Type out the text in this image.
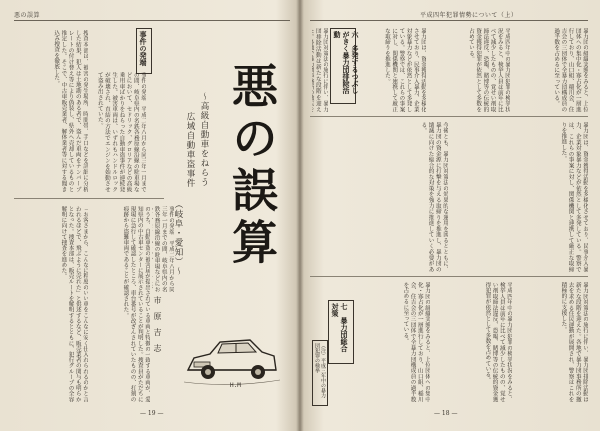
悪の誤算	平成四年犯罪情勢について（上）
事件の発端
事件の発端　平成二年八月から同三年一月までの間、岐阜県内の名鉄各務原線沿線の駐車場などにおいて、セドリック、グロリアなどの高級乗用車ばかりをねらった自動車盗事件が連続発生した。被害車両は、いずれもハンドルロックが破壊され、直結の方法でエンジンを始動させて盗み出されていた。
捜査本部は、被害の発生場所、時間帯、手口などを詳細に分析した結果、犯人は土地勘のある者で、盗んだ車両をナンバープレートの付け替え等により偽装し、県外へ売却しているものと推定した。そこで、中古車販売業者、解体業者等に対する聞き込み捜査を徹底した。
悪の誤算
〜高級自動車をねらう
広域自動車盗事件
（岐阜・愛知）〜
市原吉志
のうち、自動車盗の被害届が提出されている車両と特徴の一致する車両が、愛知県内の中古車センターに展示されていることが判明した。捜査員がただちに現場に急行して確認したところ、車台番号が改ざんされていたものの、打刻の痕跡から盗難車両であることが確認された。
「お客さまから、こんなに程度のいい車をこんなに安く仕入れられるのかと言われるほどで、飛ぶように売れた」と供述するなど、販売業者の関与も明らかとなった。捜査本部は、販売ルートを解明するとともに、犯行グループの全容解明に向けて捜査を進めた。	事件の発端　平成二年八月から同三年一月までの間、岐阜県内の名鉄各務原線沿線の駐車場などにお
H.M
— 19 —
六　多発するつぶしがきく暴力団排除活動
暴力団対策法の施行に伴い、暴力団排除活動は新たな段階を迎え	暴力団は、資金獲得活動を多様化させており、民事介入暴力、企業対象暴力などが依然として多発している。警察では、これらの事案に対し、関係機関と連携して厳正な取締りを推進した。	平成四年中の暴力団犯罪の検挙状況をみると、検挙人員は前年に比べて減少したものの、覚せい剤取締法違反、恐喝、賭博等の伝統的資金獲得犯罪が依然として多数を占めている。	暴力団の組織実態をみると、上位団体への集中化・寡占化が一層進行しており、山口組、稲川会、住吉会の三団体で全暴力団構成員の過半数を占めるに至っている。
今後とも、暴力団対策法の効果的な運用を図るとともに、暴力団の資金源に打撃を与える取締りを推進し、暴力団の壊滅に向けた総合的な対策を強力に推進していく必要がある。	暴力団は、資金獲得活動を多様化させており、民事介入暴力、企業対象暴力などが依然として多発している。警察では、これらの事案に対し、関係機関と連携して厳正な取締りを推進した。
七　暴力団総合対策
（注）平成三年中の暴力団犯罪の検挙	暴力団の組織実態をみると、上位団体への集中化・寡占化が一層進行しており、山口組、稲川会、住吉会の三団体で全暴力団構成員の過半数を占めるに至っている。	平成四年中の暴力団犯罪の検挙状況をみると、検挙人員は前年に比べて減少したものの、覚せい剤取締法違反、恐喝、賭博等の伝統的資金獲得犯罪が依然として多数を占めている。	暴力団対策法の施行に伴い、暴力団排除活動は新たな段階を迎えた。各地で暴力団事務所の撤去を求める住民運動が展開され、警察はこれを積極的に支援した。
— 18 —
